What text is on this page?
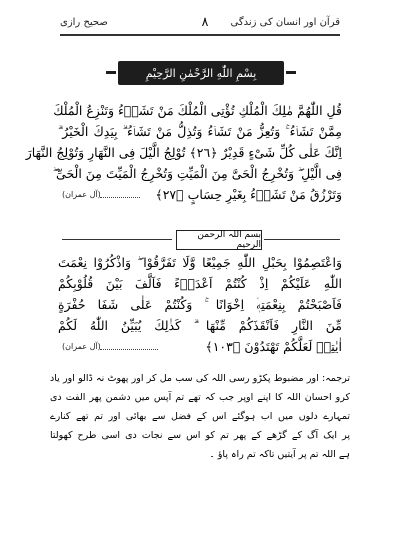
صحیح رازی	٨	قرآن اور انسان کی زندگی
بِسْمِ اللّٰهِ الرَّحْمٰنِ الرَّحِيْمِ
قُلِ اللّٰهُمَّ مٰلِكَ الْمُلْكِ تُؤْتِى الْمُلْكَ مَنْ تَشَاۤءُ وَتَنْزِعُ الْمُلْكَ
مِمَّنْ تَشَاۤءُ ۚ وَتُعِزُّ مَنْ تَشَاۤءُ وَتُذِلُّ مَنْ تَشَاۤءُ ۗ بِيَدِكَ الْخَيْرُ ۗ
اِنَّكَ عَلٰى كُلِّ شَىْءٍ قَدِيْرٌ ﴿٢٦﴾ تُوْلِجُ الَّيْلَ فِى النَّهَارِ وَتُوْلِجُ النَّهَارَ
فِى الَّيْلِ ۖ وَتُخْرِجُ الْحَىَّ مِنَ الْمَيِّتِ وَتُخْرِجُ الْمَيِّتَ مِنَ الْحَىِّ ۖ
وَتَرْزُقُ مَنْ تَشَاۤءُ بِغَيْرِ حِسَابٍ ﴿٢٧﴾
(آل عمران)
بسم اللہ الرحمن الرحیم
وَاعْتَصِمُوْا بِحَبْلِ اللّٰهِ جَمِيْعًا وَّلَا تَفَرَّقُوْا ۖ وَاذْكُرُوْا نِعْمَتَ
اللّٰهِ عَلَيْكُمْ اِذْ كُنْتُمْ اَعْدَاۤءً فَاَلَّفَ بَيْنَ قُلُوْبِكُمْ
فَاَصْبَحْتُمْ بِنِعْمَتِهٖۤ اِخْوَانًا ۚ وَكُنْتُمْ عَلٰى شَفَا حُفْرَةٍ
مِّنَ النَّارِ فَاَنْقَذَكُمْ مِّنْهَا ۗ كَذٰلِكَ يُبَيِّنُ اللّٰهُ لَكُمْ
اٰيٰتِهٖ لَعَلَّكُمْ تَهْتَدُوْنَ ﴿١٠٣﴾
(آل عمران)
ترجمہ: اور مضبوط پکڑو رسی اللہ کی سب مل کر اور پھوٹ نہ ڈالو اور یاد
کرو احسان اللہ کا اپنے اوپر جب کہ تھے تم آپس میں دشمن پھر الفت دی
تمہارے دلوں میں اب ہوگئے اس کے فضل سے بھائی اور تم تھے کنارے
پر ایک آگ کے گڑھے کے پھر تم کو اس سے نجات دی اسی طرح کھولتا
ہے اللہ تم پر آیتیں تاکہ تم راہ پاؤ ۔
